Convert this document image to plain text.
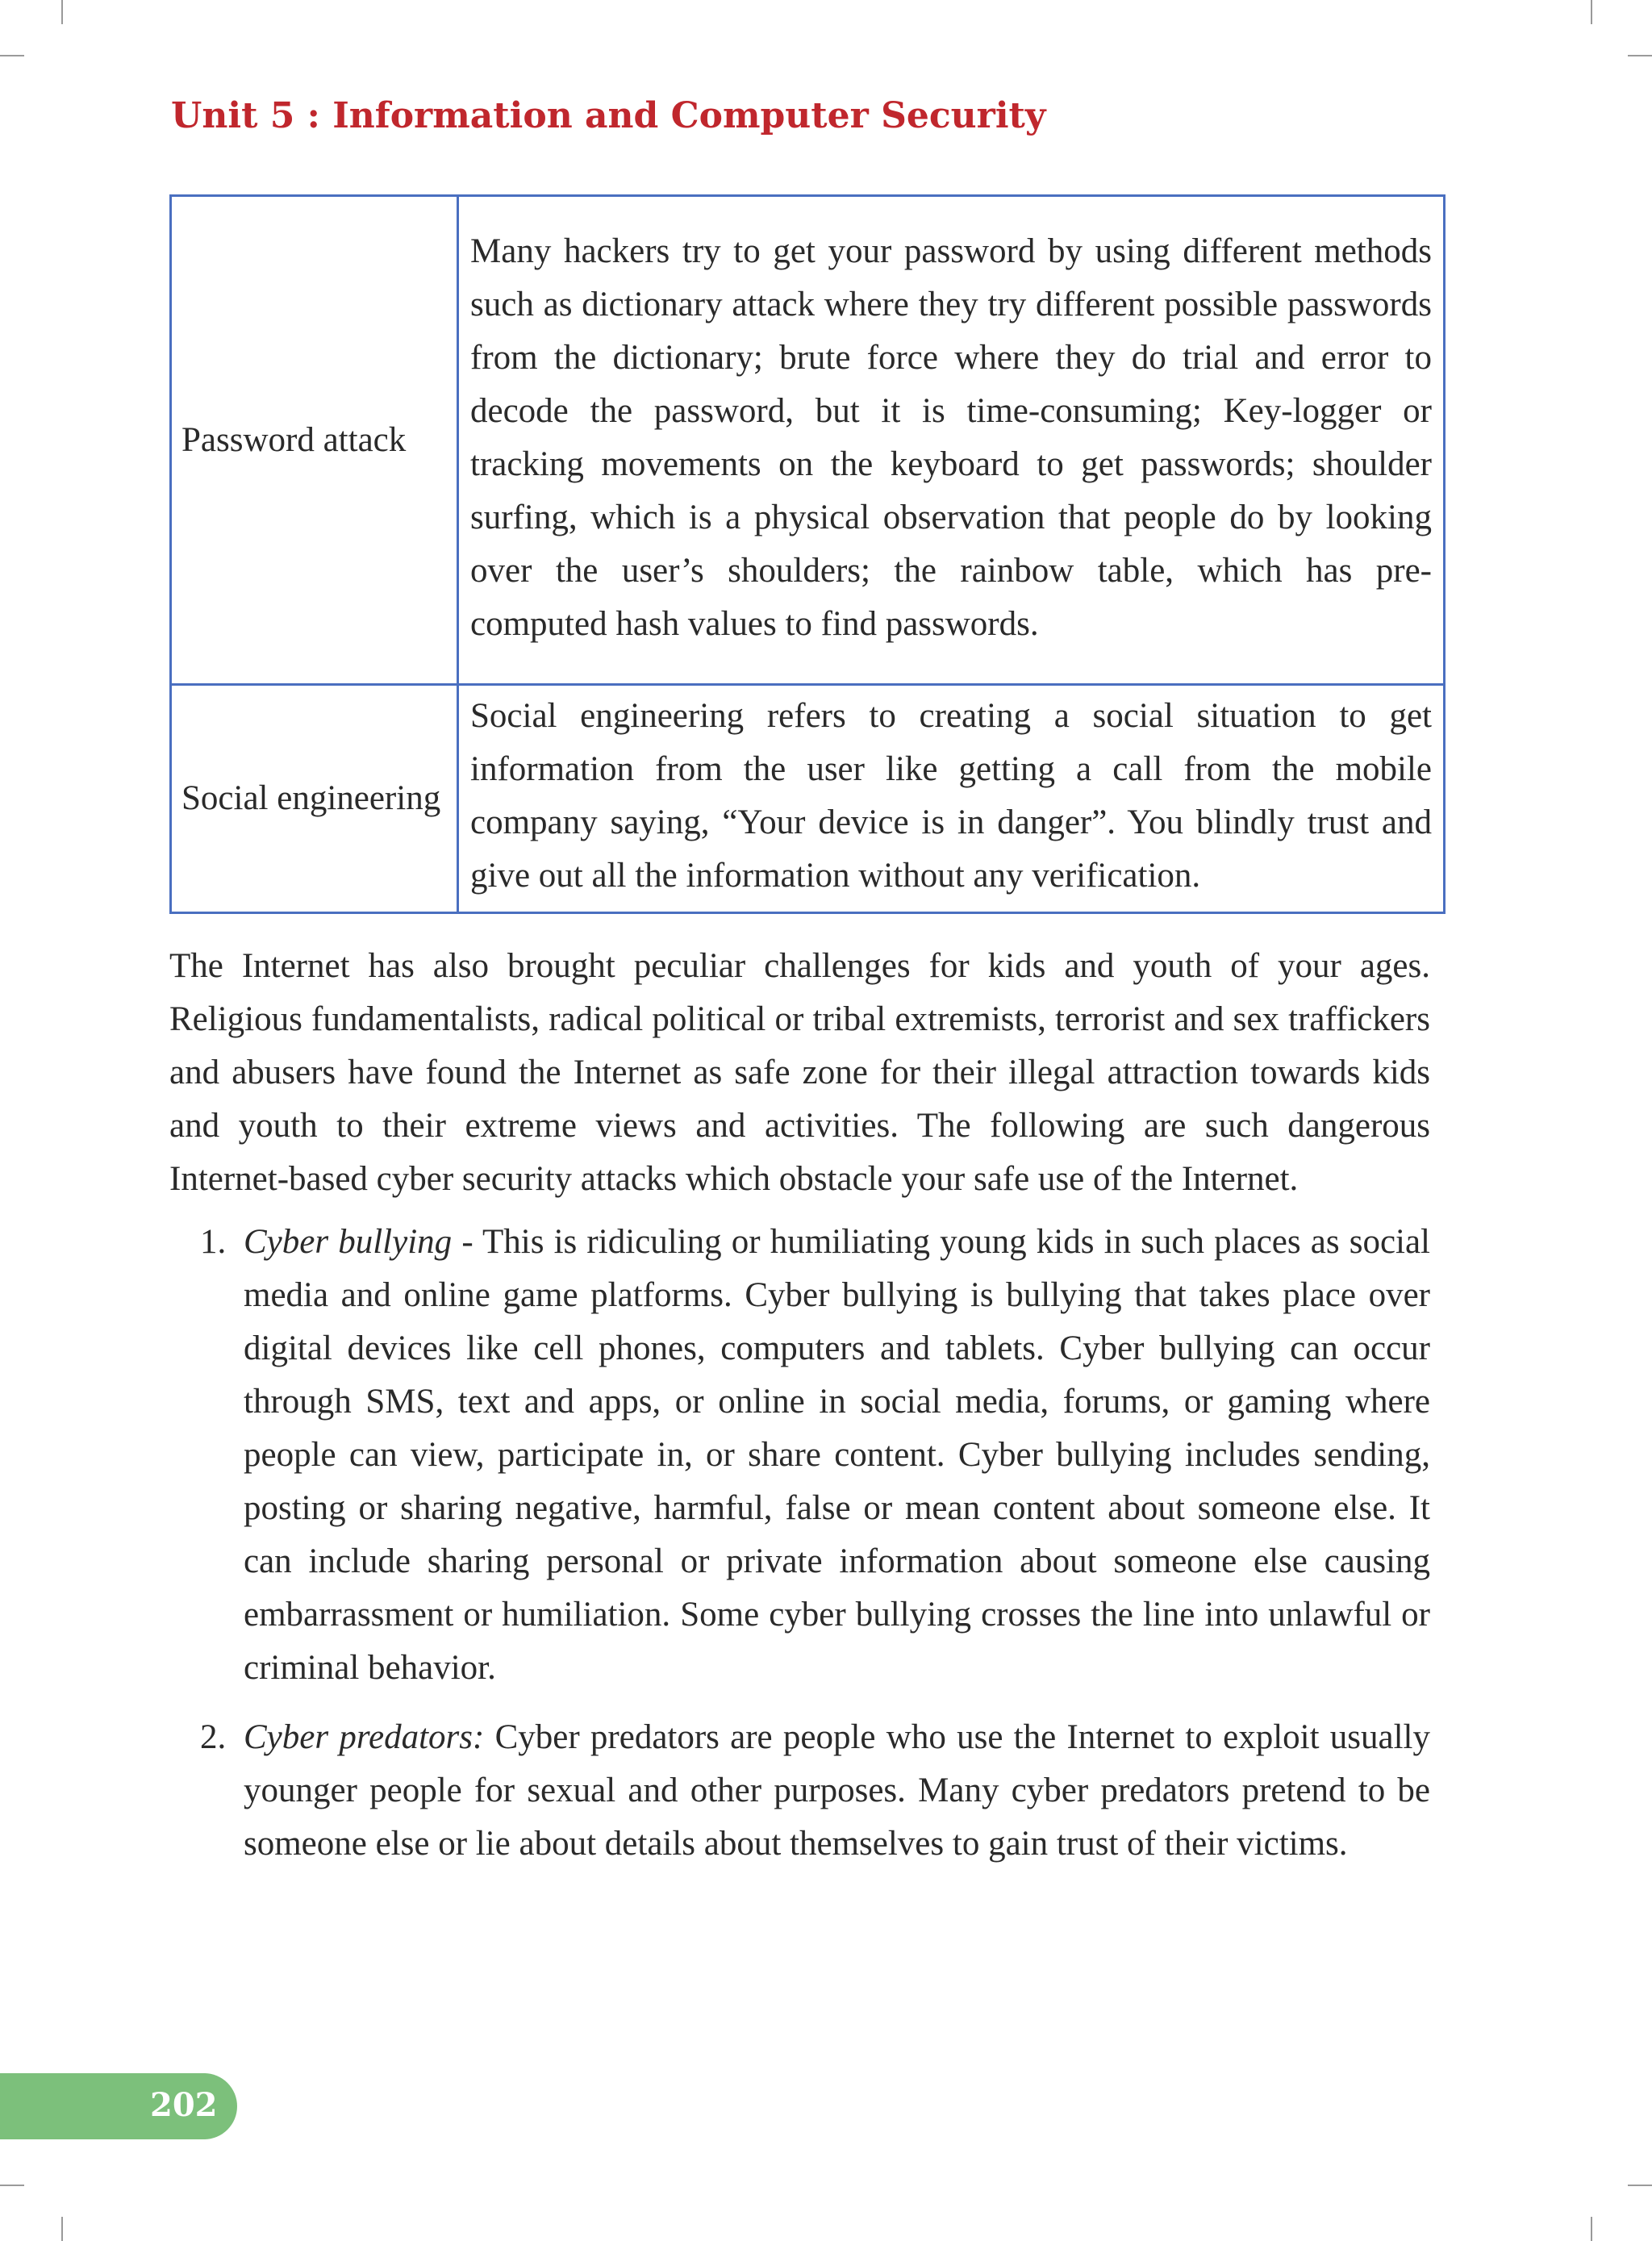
Unit 5 : Information and Computer Security
Password attack	Many hackers try to get your password by using different methods such as dictionary attack where they try different possible passwords from the dictionary; brute force where they do trial and error to decode the password, but it is time-consuming; Key-logger or tracking movements on the keyboard to get passwords; shoulder surfing, which is a physical observation that people do by looking over the user’s shoulders; the rainbow table, which has pre-computed hash values to find passwords.
Social engineering	Social engineering refers to creating a social situation to get information from the user like getting a call from the mobile company saying, “Your device is in danger”. You blindly trust and give out all the information without any verification.

The Internet has also brought peculiar challenges for kids and youth of your ages. Religious fundamentalists, radical political or tribal extremists, terrorist and sex traffickers and abusers have found the Internet as safe zone for their illegal attraction towards kids and youth to their extreme views and activities. The following are such dangerous Internet-based cyber security attacks which obstacle your safe use of the Internet.

1. Cyber bullying - This is ridiculing or humiliating young kids in such places as social media and online game platforms. Cyber bullying is bullying that takes place over digital devices like cell phones, computers and tablets. Cyber bullying can occur through SMS, text and apps, or online in social media, forums, or gaming where people can view, participate in, or share content. Cyber bullying includes sending, posting or sharing negative, harmful, false or mean content about someone else. It can include sharing personal or private information about someone else causing embarrassment or humiliation. Some cyber bullying crosses the line into unlawful or criminal behavior.
2. Cyber predators: Cyber predators are people who use the Internet to exploit usually younger people for sexual and other purposes. Many cyber predators pretend to be someone else or lie about details about themselves to gain trust of their victims.
202
